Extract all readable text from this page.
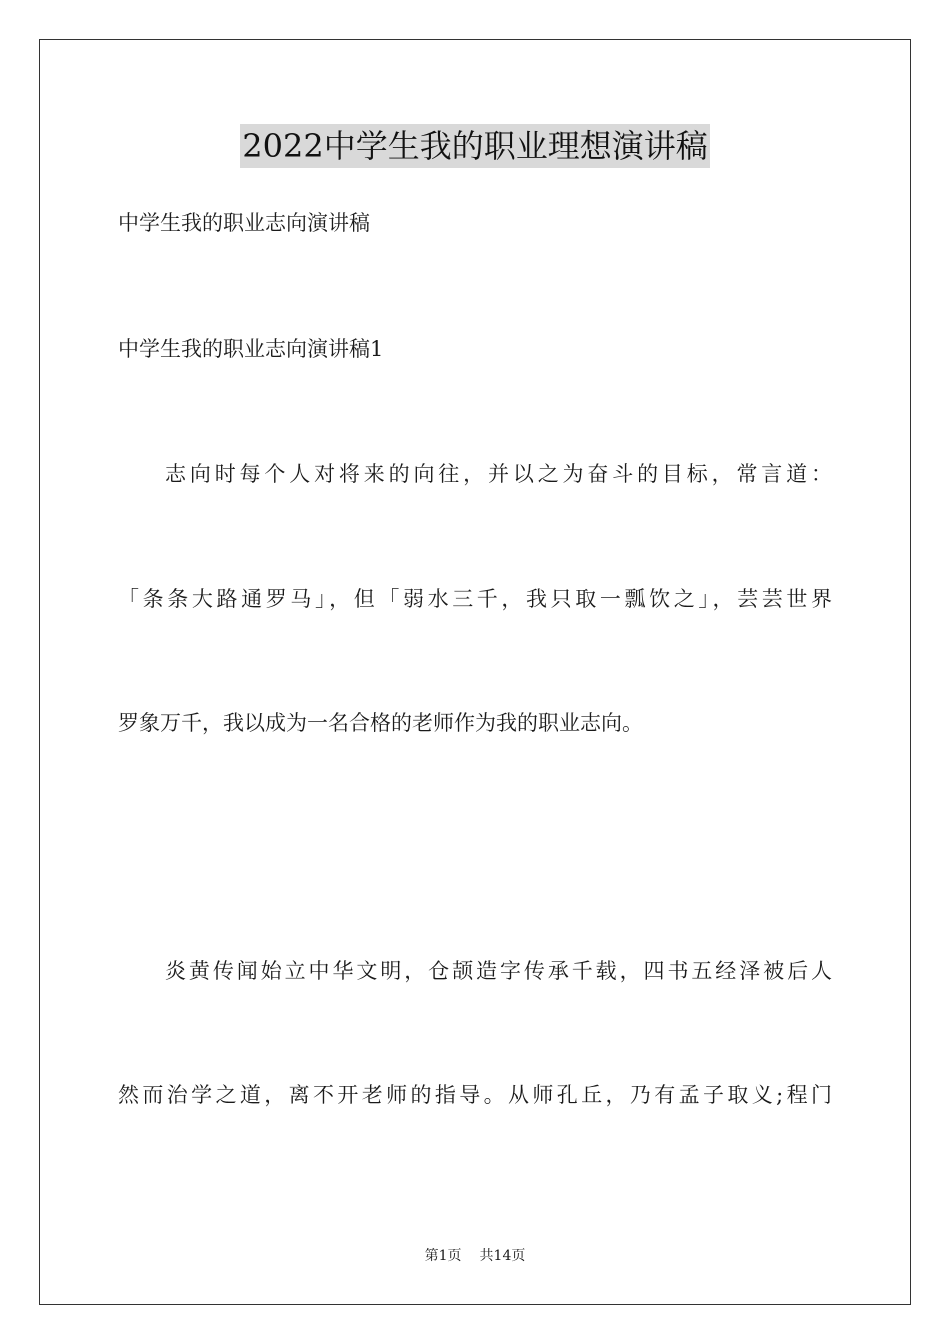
2022中学生我的职业理想演讲稿
中学生我的职业志向演讲稿
中学生我的职业志向演讲稿1
志向时每个人对将来的向往，并以之为奋斗的目标，常言道：
「条条大路通罗马」，但「弱水三千，我只取一瓢饮之」，芸芸世界
罗象万千，我以成为一名合格的老师作为我的职业志向。
炎黄传闻始立中华文明，仓颉造字传承千载，四书五经泽被后人
然而治学之道，离不开老师的指导。从师孔丘，乃有孟子取义;程门
第1页 共14页
